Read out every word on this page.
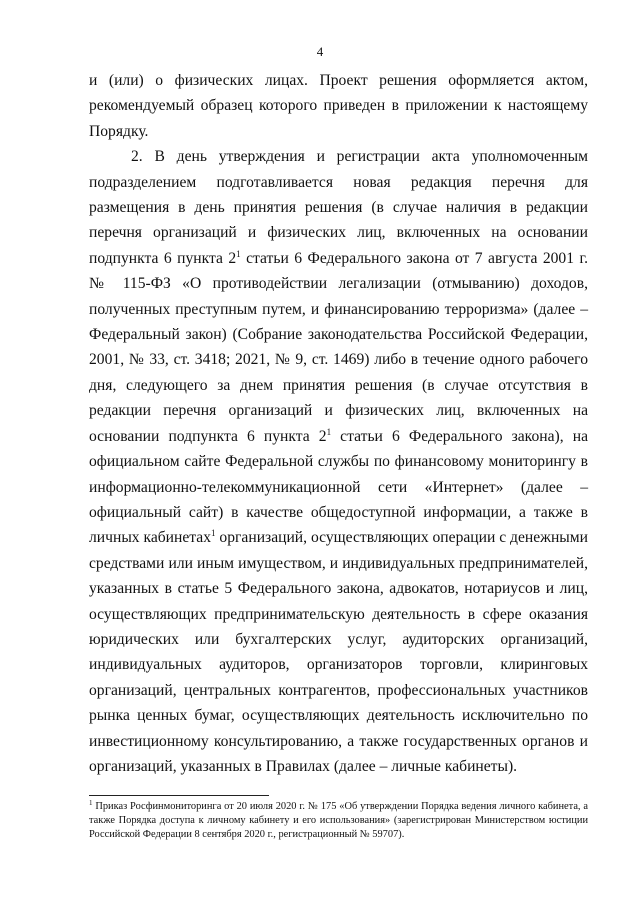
4

и (или) о физических лицах. Проект решения оформляется актом, рекомендуемый образец которого приведен в приложении к настоящему Порядку.

2. В день утверждения и регистрации акта уполномоченным подразделением подготавливается новая редакция перечня для размещения в день принятия решения (в случае наличия в редакции перечня организаций и физических лиц, включенных на основании подпункта 6 пункта $2^1$ статьи 6 Федерального закона от 7 августа 2001 г. № 115-ФЗ «О противодействии легализации (отмыванию) доходов, полученных преступным путем, и финансированию терроризма» (далее – Федеральный закон) (Собрание законодательства Российской Федерации, 2001, № 33, ст. 3418; 2021, № 9, ст. 1469) либо в течение одного рабочего дня, следующего за днем принятия решения (в случае отсутствия в редакции перечня организаций и физических лиц, включенных на основании подпункта 6 пункта $2^1$ статьи 6 Федерального закона), на официальном сайте Федеральной службы по финансовому мониторингу в информационно-телекоммуникационной сети «Интернет» (далее – официальный сайт) в качестве общедоступной информации, а также в личных кабинетах$^1$ организаций, осуществляющих операции с денежными средствами или иным имуществом, и индивидуальных предпринимателей, указанных в статье 5 Федерального закона, адвокатов, нотариусов и лиц, осуществляющих предпринимательскую деятельность в сфере оказания юридических или бухгалтерских услуг, аудиторских организаций, индивидуальных аудиторов, организаторов торговли, клиринговых организаций, центральных контрагентов, профессиональных участников рынка ценных бумаг, осуществляющих деятельность исключительно по инвестиционному консультированию, а также государственных органов и организаций, указанных в Правилах (далее – личные кабинеты).

$^1$ Приказ Росфинмониторинга от 20 июля 2020 г. № 175 «Об утверждении Порядка ведения личного кабинета, а также Порядка доступа к личному кабинету и его использования» (зарегистрирован Министерством юстиции Российской Федерации 8 сентября 2020 г., регистрационный № 59707).
